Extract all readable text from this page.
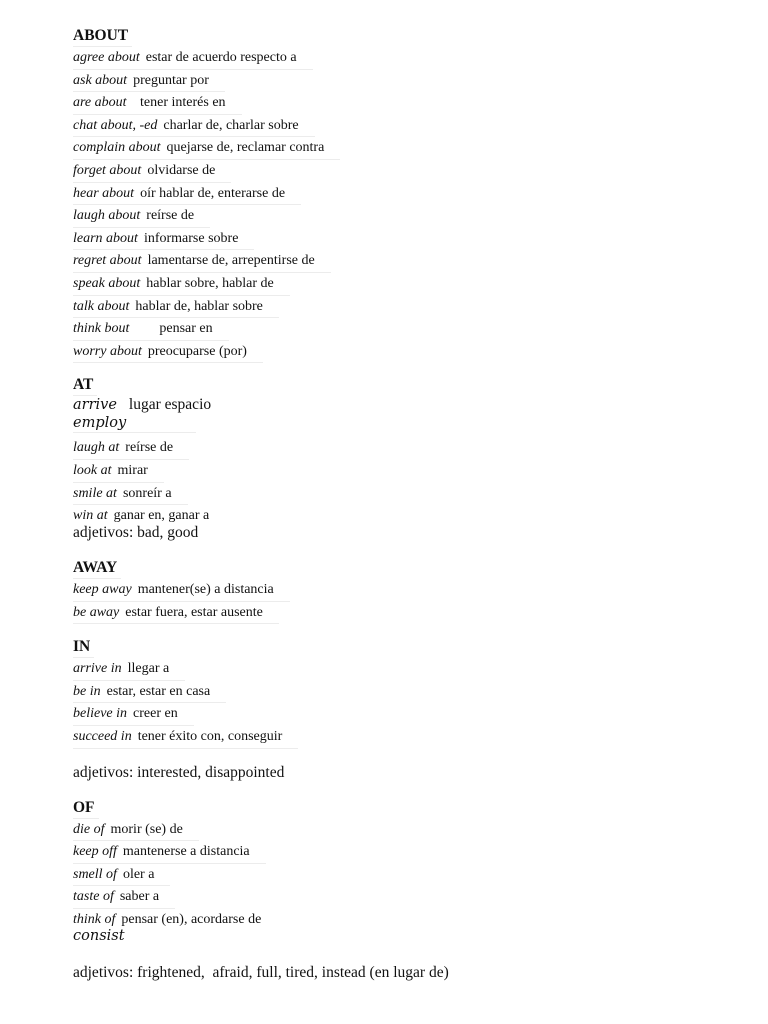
ABOUT
agree about estar de acuerdo respecto a
ask about preguntar por
are about tener interés en
chat about, -ed charlar de, charlar sobre
complain about quejarse de, reclamar contra
forget about olvidarse de
hear about oír hablar de, enterarse de
laugh about reírse de
learn about informarse sobre
regret about lamentarse de, arrepentirse de
speak about hablar sobre, hablar de
talk about hablar de, hablar sobre
think bout pensar en
worry about preocuparse (por)
AT
arrive lugar espacio
employ
laugh at reírse de
look at mirar
smile at sonreír a
win at ganar en, ganar a
adjetivos: bad, good
AWAY
keep away mantener(se) a distancia
be away estar fuera, estar ausente
IN
arrive in llegar a
be in estar, estar en casa
believe in creer en
succeed in tener éxito con, conseguir
adjetivos: interested, disappointed
OF
die of morir (se) de
keep off mantenerse a distancia
smell of oler a
taste of saber a
think of pensar (en), acordarse de
consist
adjetivos: frightened,  afraid, full, tired, instead (en lugar de)
